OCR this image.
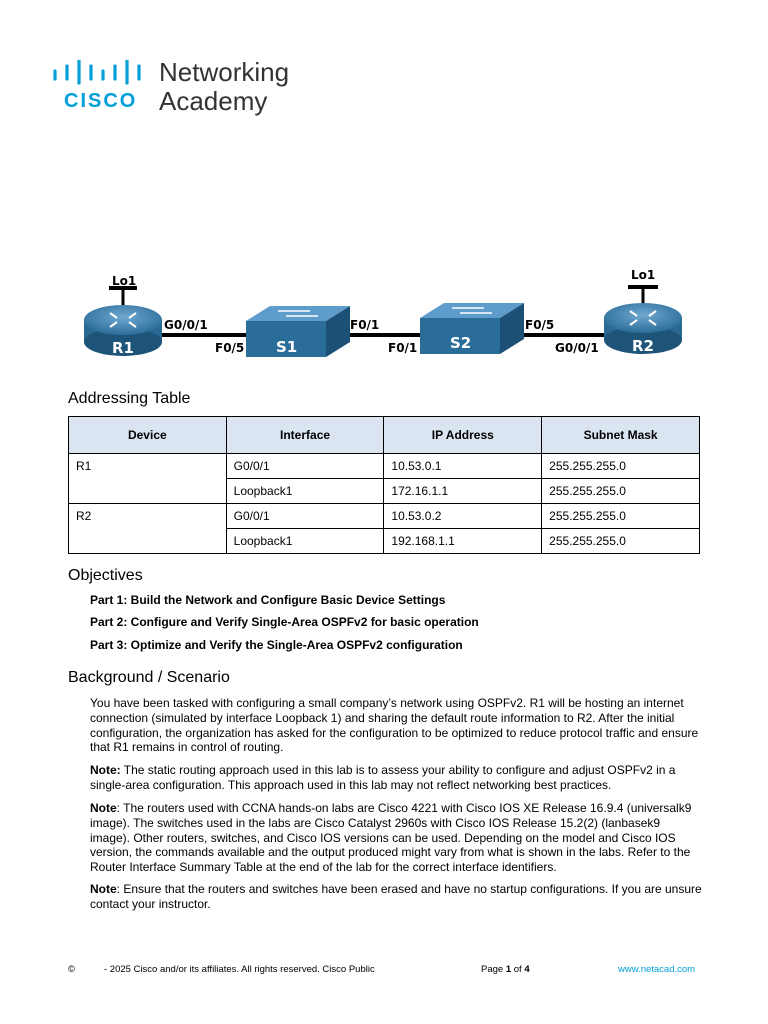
CISCO
Networking
Academy
Lo1
R1	S1	S2
Lo1
R2
G0/0/1
F0/5
F0/1
F0/1
F0/5
G0/0/1
Addressing Table
Device	Interface	IP Address	Subnet Mask
R1	G0/0/1	10.53.0.1	255.255.255.0
	Loopback1	172.16.1.1	255.255.255.0
R2	G0/0/1	10.53.0.2	255.255.255.0
	Loopback1	192.168.1.1	255.255.255.0
Objectives
Part 1: Build the Network and Configure Basic Device Settings
Part 2: Configure and Verify Single-Area OSPFv2 for basic operation
Part 3: Optimize and Verify the Single-Area OSPFv2 configuration
Background / Scenario

You have been tasked with configuring a small company’s network using OSPFv2. R1 will be hosting an internet connection (simulated by interface Loopback 1) and sharing the default route information to R2. After the initial configuration, the organization has asked for the configuration to be optimized to reduce protocol traffic and ensure that R1 remains in control of routing.

Note: The static routing approach used in this lab is to assess your ability to configure and adjust OSPFv2 in a single-area configuration. This approach used in this lab may not reflect networking best practices.

Note: The routers used with CCNA hands-on labs are Cisco 4221 with Cisco IOS XE Release 16.9.4 (universalk9 image). The switches used in the labs are Cisco Catalyst 2960s with Cisco IOS Release 15.2(2) (lanbasek9 image). Other routers, switches, and Cisco IOS versions can be used. Depending on the model and Cisco IOS version, the commands available and the output produced might vary from what is shown in the labs. Refer to the Router Interface Summary Table at the end of the lab for the correct interface identifiers.

Note: Ensure that the routers and switches have been erased and have no startup configurations. If you are unsure contact your instructor.

©	- 2025 Cisco and/or its affiliates. All rights reserved. Cisco Public	Page 1 of 4	www.netacad.com
